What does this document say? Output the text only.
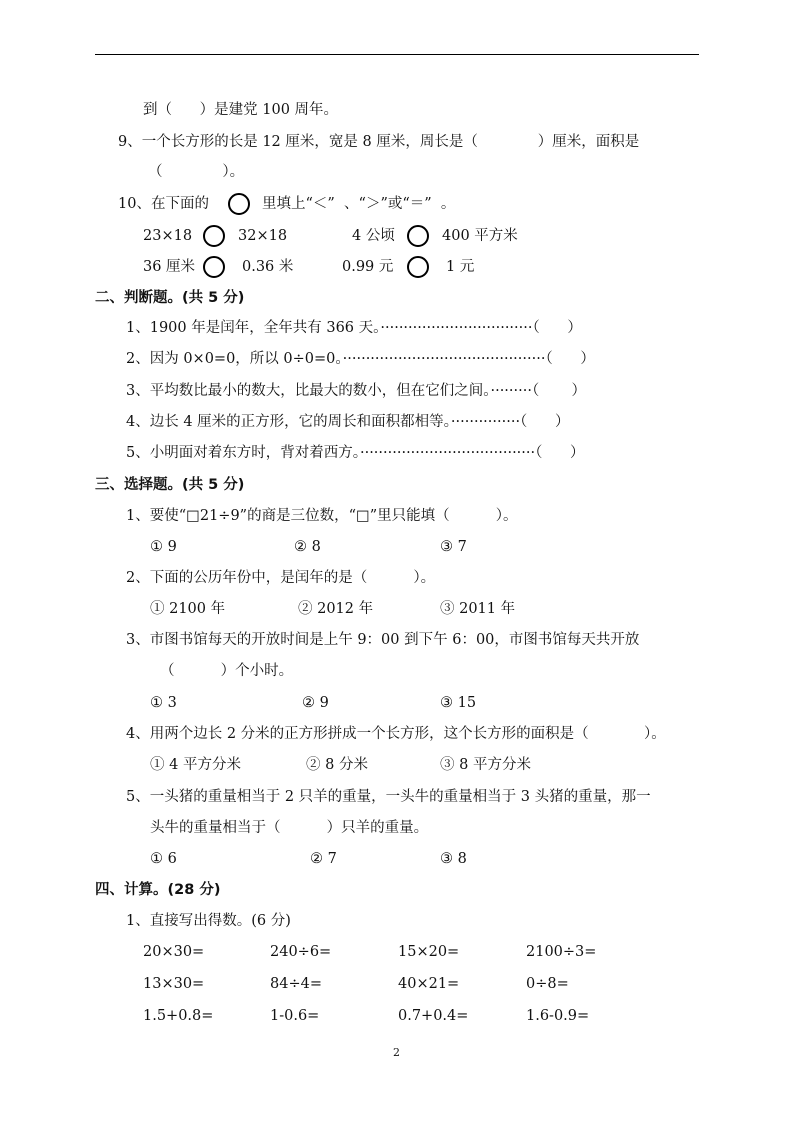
到（      ）是建党 100 周年。
9、一个长方形的长是 12 厘米，宽是 8 厘米，周长是（             ）厘米，面积是
（             ）。
10、在下面的	里填上“＜”  、“＞”或“＝”  。
23×18	32×18	4 公顷	400 平方米
36 厘米	0.36 米	0.99 元	1 元
二、判断题。(共 5 分)
1、1900 年是闰年，全年共有 366 天。·································（      ）
2、因为 0×0=0，所以 0÷0=0。············································（      ）
3、平均数比最小的数大，比最大的数小，但在它们之间。·········（       ）
4、边长 4 厘米的正方形，它的周长和面积都相等。···············（      ）
5、小明面对着东方时，背对着西方。······································（      ）
三、选择题。(共 5 分)
1、要使“□21÷9”的商是三位数，“□”里只能填（          ）。
① 9	② 8	③ 7
2、下面的公历年份中，是闰年的是（          ）。
① 2100 年	② 2012 年	③ 2011 年
3、市图书馆每天的开放时间是上午 9：00 到下午 6：00，市图书馆每天共开放
（          ）个小时。
① 3	② 9	③ 15
4、用两个边长 2 分米的正方形拼成一个长方形，这个长方形的面积是（            ）。
① 4 平方分米	② 8 分米	③ 8 平方分米
5、一头猪的重量相当于 2 只羊的重量，一头牛的重量相当于 3 头猪的重量，那一
头牛的重量相当于（          ）只羊的重量。
① 6	② 7	③ 8
四、计算。(28 分)
1、直接写出得数。(6 分)
20×30=	240÷6=	15×20=	2100÷3=
13×30=	84÷4=	40×21=	0÷8=
1.5+0.8=	1-0.6=	0.7+0.4=	1.6-0.9=
2
